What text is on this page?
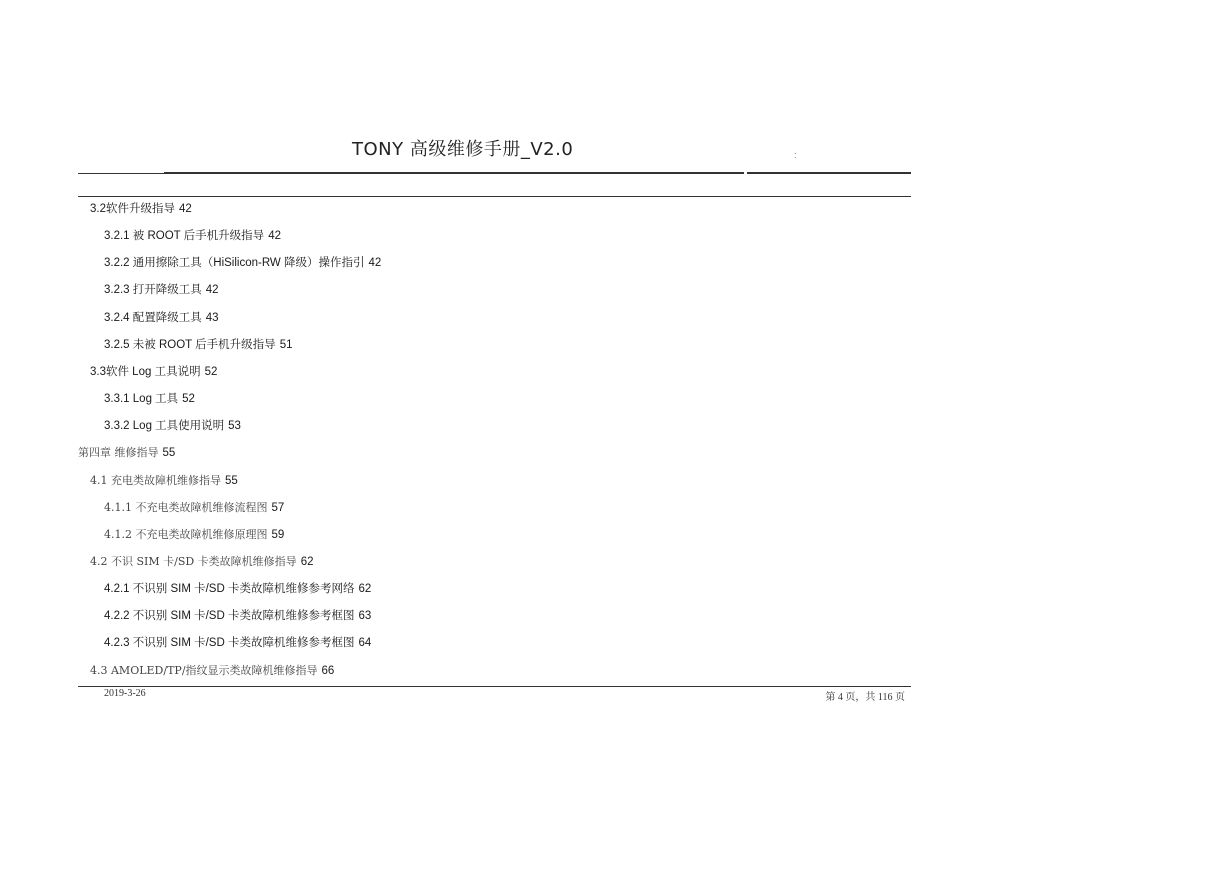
TONY 高级维修手册_V2.0	:
3.2软件升级指导 42
3.2.1 被 ROOT 后手机升级指导 42
3.2.2 通用擦除工具（HiSilicon-RW 降级）操作指引 42
3.2.3 打开降级工具 42
3.2.4 配置降级工具 43
3.2.5 未被 ROOT 后手机升级指导 51
3.3软件 Log 工具说明 52
3.3.1 Log 工具 52
3.3.2 Log 工具使用说明 53
第四章 维修指导 55
4.1 充电类故障机维修指导 55
4.1.1 不充电类故障机维修流程图 57
4.1.2 不充电类故障机维修原理图 59
4.2 不识 SIM 卡/SD 卡类故障机维修指导 62
4.2.1 不识别 SIM 卡/SD 卡类故障机维修参考网络 62
4.2.2 不识别 SIM 卡/SD 卡类故障机维修参考框图 63
4.2.3 不识别 SIM 卡/SD 卡类故障机维修参考框图 64
4.3 AMOLED/TP/指纹显示类故障机维修指导 66
2019-3-26	第 4 页，共 116 页
